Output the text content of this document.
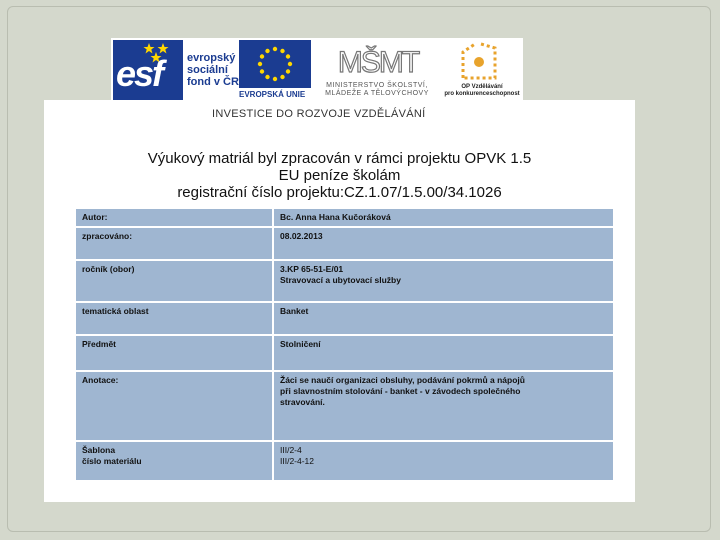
esf evropský
sociální
fond v ČR
EVROPSKÁ UNIE
MŠMT
MINISTERSTVO ŠKOLSTVÍ,
MLÁDEŽE A TĚLOVÝCHOVY
OP Vzdělávání
pro konkurenceschopnost
INVESTICE DO ROZVOJE VZDĚLÁVÁNÍ
Výukový matriál byl zpracován v rámci projektu OPVK 1.5
EU peníze školám
registrační číslo projektu:CZ.1.07/1.5.00/34.1026
Autor:	Bc. Anna Hana Kučoráková

zpracováno:	08.02.2013

ročník (obor)	3.KP 65-51-E/01
Stravovací a ubytovací služby

tematická oblast	Banket

Předmět	Stolničení

Anotace:	Žáci se naučí organizaci obsluhy, podávání pokrmů a nápojů
při slavnostním stolování - banket - v závodech společného
stravování.

Šablona
číslo materiálu	III/2-4
III/2-4-12
